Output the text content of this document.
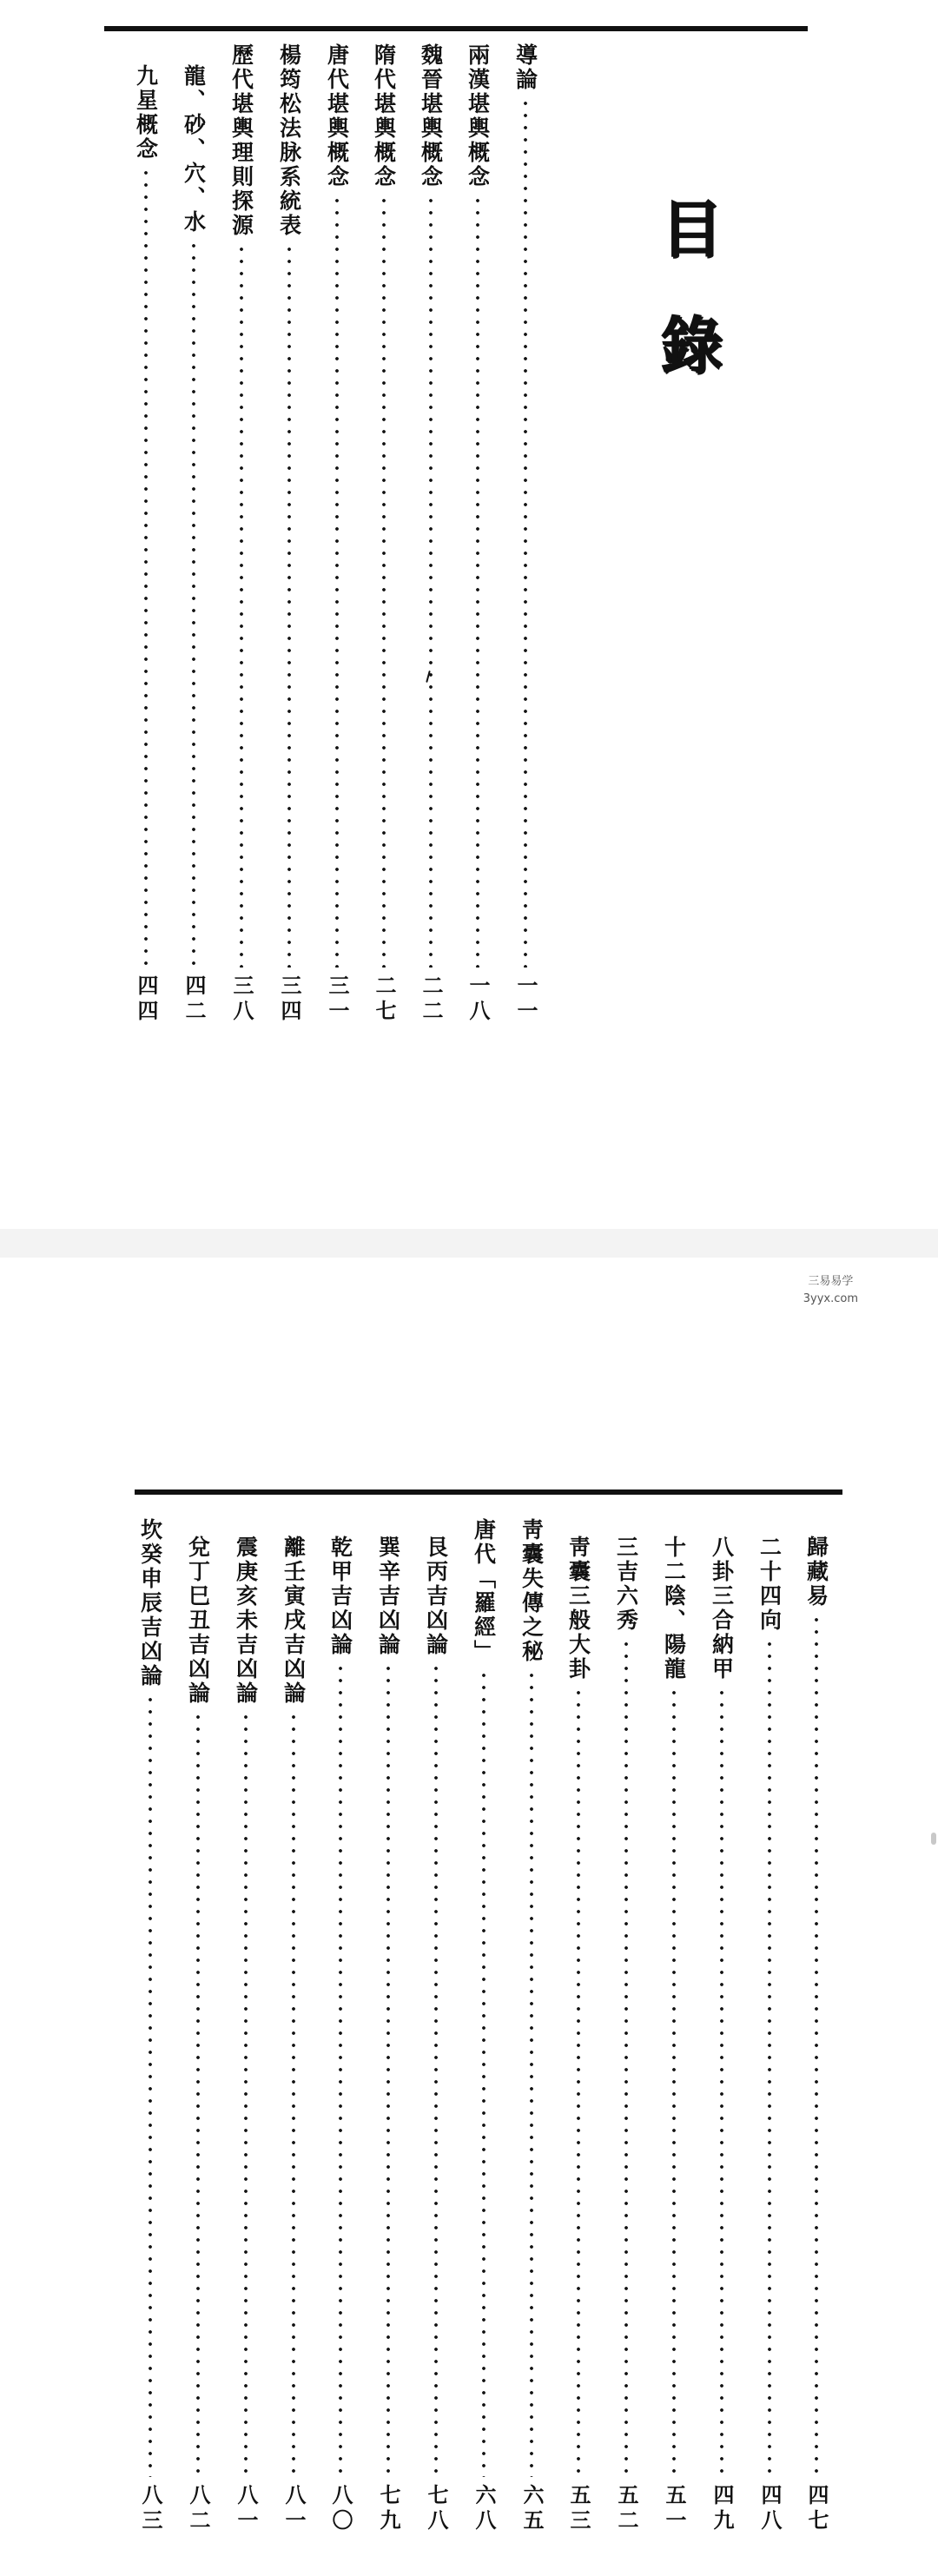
目
錄
導論
一一
兩漢堪輿概念
一八
魏晉堪輿概念
二二
隋代堪輿概念
二七
唐代堪輿概念
三一
楊筠松法脉系統表
三四
歷代堪輿理則探源
三八
龍、砂、穴、水
四二
九星概念
四四
三易易学
3yyx.com
歸藏易
四七
二十四向
四八
八卦三合納甲
四九
十二陰、陽龍
五一
三吉六秀
五二
靑囊三般大卦
五三
靑囊失傳之秘
六五
唐代「羅經」
六八
艮丙吉凶論
七八
巽辛吉凶論
七九
乾甲吉凶論
八〇
離壬寅戌吉凶論
八一
震庚亥未吉凶論
八一
兌丁巳丑吉凶論
八二
坎癸申辰吉凶論
八三
